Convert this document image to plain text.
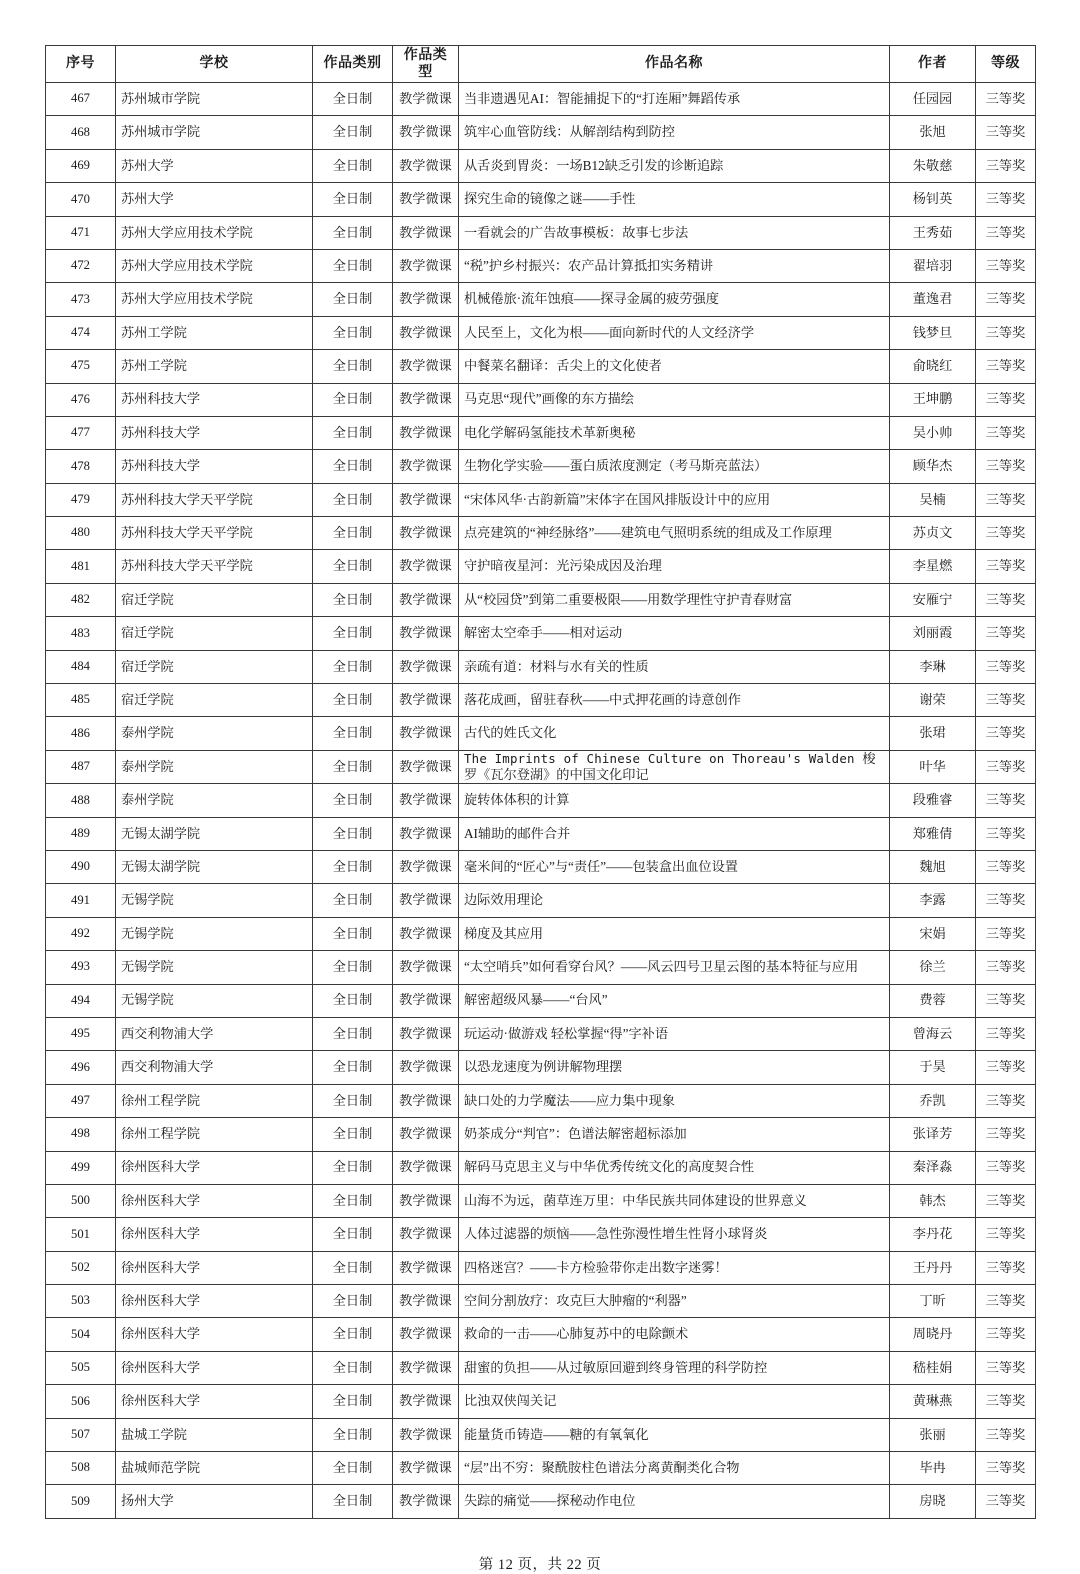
序号	学校	作品类别	作品类型	作品名称	作者	等级
467	苏州城市学院	全日制	教学微课	当非遗遇见AI：智能捕捉下的“打连厢”舞蹈传承	任园园	三等奖
468	苏州城市学院	全日制	教学微课	筑牢心血管防线：从解剖结构到防控	张旭	三等奖
469	苏州大学	全日制	教学微课	从舌炎到胃炎：一场B12缺乏引发的诊断追踪	朱敬慈	三等奖
470	苏州大学	全日制	教学微课	探究生命的镜像之谜——手性	杨钊英	三等奖
471	苏州大学应用技术学院	全日制	教学微课	一看就会的广告故事模板：故事七步法	王秀茹	三等奖
472	苏州大学应用技术学院	全日制	教学微课	“税”护乡村振兴：农产品计算抵扣实务精讲	翟培羽	三等奖
473	苏州大学应用技术学院	全日制	教学微课	机械倦旅·流年蚀痕——探寻金属的疲劳强度	董逸君	三等奖
474	苏州工学院	全日制	教学微课	人民至上，文化为根——面向新时代的人文经济学	钱梦旦	三等奖
475	苏州工学院	全日制	教学微课	中餐菜名翻译：舌尖上的文化使者	俞晓红	三等奖
476	苏州科技大学	全日制	教学微课	马克思“现代”画像的东方描绘	王坤鹏	三等奖
477	苏州科技大学	全日制	教学微课	电化学解码氢能技术革新奥秘	吴小帅	三等奖
478	苏州科技大学	全日制	教学微课	生物化学实验——蛋白质浓度测定（考马斯亮蓝法）	顾华杰	三等奖
479	苏州科技大学天平学院	全日制	教学微课	“宋体风华·古韵新篇”宋体字在国风排版设计中的应用	吴楠	三等奖
480	苏州科技大学天平学院	全日制	教学微课	点亮建筑的“神经脉络”——建筑电气照明系统的组成及工作原理	苏贞文	三等奖
481	苏州科技大学天平学院	全日制	教学微课	守护暗夜星河：光污染成因及治理	李星燃	三等奖
482	宿迁学院	全日制	教学微课	从“校园贷”到第二重要极限——用数学理性守护青春财富	安雁宁	三等奖
483	宿迁学院	全日制	教学微课	解密太空牵手——相对运动	刘丽霞	三等奖
484	宿迁学院	全日制	教学微课	亲疏有道：材料与水有关的性质	李琳	三等奖
485	宿迁学院	全日制	教学微课	落花成画，留驻春秋——中式押花画的诗意创作	谢荣	三等奖
486	泰州学院	全日制	教学微课	古代的姓氏文化	张珺	三等奖
487	泰州学院	全日制	教学微课	The Imprints of Chinese Culture on Thoreau's Walden 梭罗《瓦尔登湖》的中国文化印记	叶华	三等奖
488	泰州学院	全日制	教学微课	旋转体体积的计算	段雅睿	三等奖
489	无锡太湖学院	全日制	教学微课	AI辅助的邮件合并	郑雅倩	三等奖
490	无锡太湖学院	全日制	教学微课	毫米间的“匠心”与“责任”——包装盒出血位设置	魏旭	三等奖
491	无锡学院	全日制	教学微课	边际效用理论	李露	三等奖
492	无锡学院	全日制	教学微课	梯度及其应用	宋娟	三等奖
493	无锡学院	全日制	教学微课	“太空哨兵”如何看穿台风？——风云四号卫星云图的基本特征与应用	徐兰	三等奖
494	无锡学院	全日制	教学微课	解密超级风暴——“台风”	费蓉	三等奖
495	西交利物浦大学	全日制	教学微课	玩运动·做游戏 轻松掌握“得”字补语	曾海云	三等奖
496	西交利物浦大学	全日制	教学微课	以恐龙速度为例讲解物理摆	于昊	三等奖
497	徐州工程学院	全日制	教学微课	缺口处的力学魔法——应力集中现象	乔凯	三等奖
498	徐州工程学院	全日制	教学微课	奶茶成分“判官”：色谱法解密超标添加	张译芳	三等奖
499	徐州医科大学	全日制	教学微课	解码马克思主义与中华优秀传统文化的高度契合性	秦泽淼	三等奖
500	徐州医科大学	全日制	教学微课	山海不为远，菌草连万里：中华民族共同体建设的世界意义	韩杰	三等奖
501	徐州医科大学	全日制	教学微课	人体过滤器的烦恼——急性弥漫性增生性肾小球肾炎	李丹花	三等奖
502	徐州医科大学	全日制	教学微课	四格迷宫？——卡方检验带你走出数字迷雾！	王丹丹	三等奖
503	徐州医科大学	全日制	教学微课	空间分割放疗：攻克巨大肿瘤的“利器”	丁昕	三等奖
504	徐州医科大学	全日制	教学微课	救命的一击——心肺复苏中的电除颤术	周晓丹	三等奖
505	徐州医科大学	全日制	教学微课	甜蜜的负担——从过敏原回避到终身管理的科学防控	嵇桂娟	三等奖
506	徐州医科大学	全日制	教学微课	比浊双侠闯关记	黄琳燕	三等奖
507	盐城工学院	全日制	教学微课	能量货币铸造——糖的有氧氧化	张丽	三等奖
508	盐城师范学院	全日制	教学微课	“层”出不穷：聚酰胺柱色谱法分离黄酮类化合物	毕冉	三等奖
509	扬州大学	全日制	教学微课	失踪的痛觉——探秘动作电位	房晓	三等奖
第 12 页，共 22 页
